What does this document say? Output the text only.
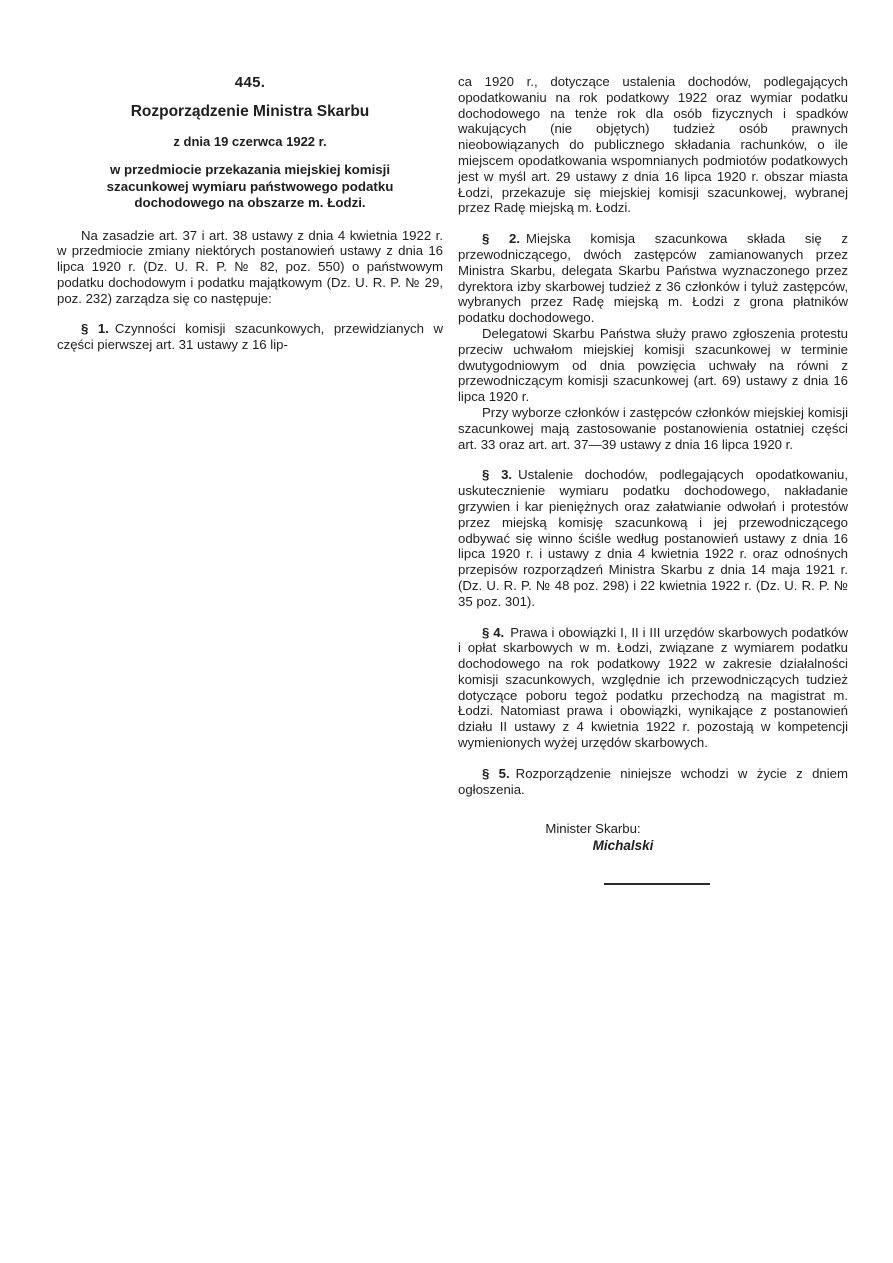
445.

Rozporządzenie Ministra Skarbu

z dnia 19 czerwca 1922 r.

w przedmiocie przekazania miejskiej komisji szacunkowej wymiaru państwowego podatku dochodowego na obszarze m. Łodzi.

Na zasadzie art. 37 i art. 38 ustawy z dnia 4 kwietnia 1922 r. w przedmiocie zmiany niektórych postanowień ustawy z dnia 16 lipca 1920 r. (Dz. U. R. P. № 82, poz. 550) o państwowym podatku dochodowym i podatku majątkowym (Dz. U. R. P. № 29, poz. 232) zarządza się co następuje:

§ 1. Czynności komisji szacunkowych, przewidzianych w części pierwszej art. 31 ustawy z 16 lip-

ca 1920 r., dotyczące ustalenia dochodów, podlegających opodatkowaniu na rok podatkowy 1922 oraz wymiar podatku dochodowego na tenże rok dla osób fizycznych i spadków wakujących (nie objętych) tudzież osób prawnych nieobowiązanych do publicznego składania rachunków, o ile miejscem opodatkowania wspomnianych podmiotów podatkowych jest w myśl art. 29 ustawy z dnia 16 lipca 1920 r. obszar miasta Łodzi, przekazuje się miejskiej komisji szacunkowej, wybranej przez Radę miejską m. Łodzi.

§ 2. Miejska komisja szacunkowa składa się z przewodniczącego, dwóch zastępców zamianowanych przez Ministra Skarbu, delegata Skarbu Państwa wyznaczonego przez dyrektora izby skarbowej tudzież z 36 członków i tyluż zastępców, wybranych przez Radę miejską m. Łodzi z grona płatników podatku dochodowego.

Delegatowi Skarbu Państwa służy prawo zgłoszenia protestu przeciw uchwałom miejskiej komisji szacunkowej w terminie dwutygodniowym od dnia powzięcia uchwały na równi z przewodniczącym komisji szacunkowej (art. 69) ustawy z dnia 16 lipca 1920 r.

Przy wyborze członków i zastępców członków miejskiej komisji szacunkowej mają zastosowanie postanowienia ostatniej części art. 33 oraz art. art. 37—39 ustawy z dnia 16 lipca 1920 r.

§ 3. Ustalenie dochodów, podlegających opodatkowaniu, uskutecznienie wymiaru podatku dochodowego, nakładanie grzywien i kar pieniężnych oraz załatwianie odwołań i protestów przez miejską komisję szacunkową i jej przewodniczącego odbywać się winno ściśle według postanowień ustawy z dnia 16 lipca 1920 r. i ustawy z dnia 4 kwietnia 1922 r. oraz odnośnych przepisów rozporządzeń Ministra Skarbu z dnia 14 maja 1921 r. (Dz. U. R. P. № 48 poz. 298) i 22 kwietnia 1922 r. (Dz. U. R. P. № 35 poz. 301).

§ 4. Prawa i obowiązki I, II i III urzędów skarbowych podatków i opłat skarbowych w m. Łodzi, związane z wymiarem podatku dochodowego na rok podatkowy 1922 w zakresie działalności komisji szacunkowych, względnie ich przewodniczących tudzież dotyczące poboru tegoż podatku przechodzą na magistrat m. Łodzi. Natomiast prawa i obowiązki, wynikające z postanowień działu II ustawy z 4 kwietnia 1922 r. pozostają w kompetencji wymienionych wyżej urzędów skarbowych.

§ 5. Rozporządzenie niniejsze wchodzi w życie z dniem ogłoszenia.

Minister Skarbu:

Michalski
